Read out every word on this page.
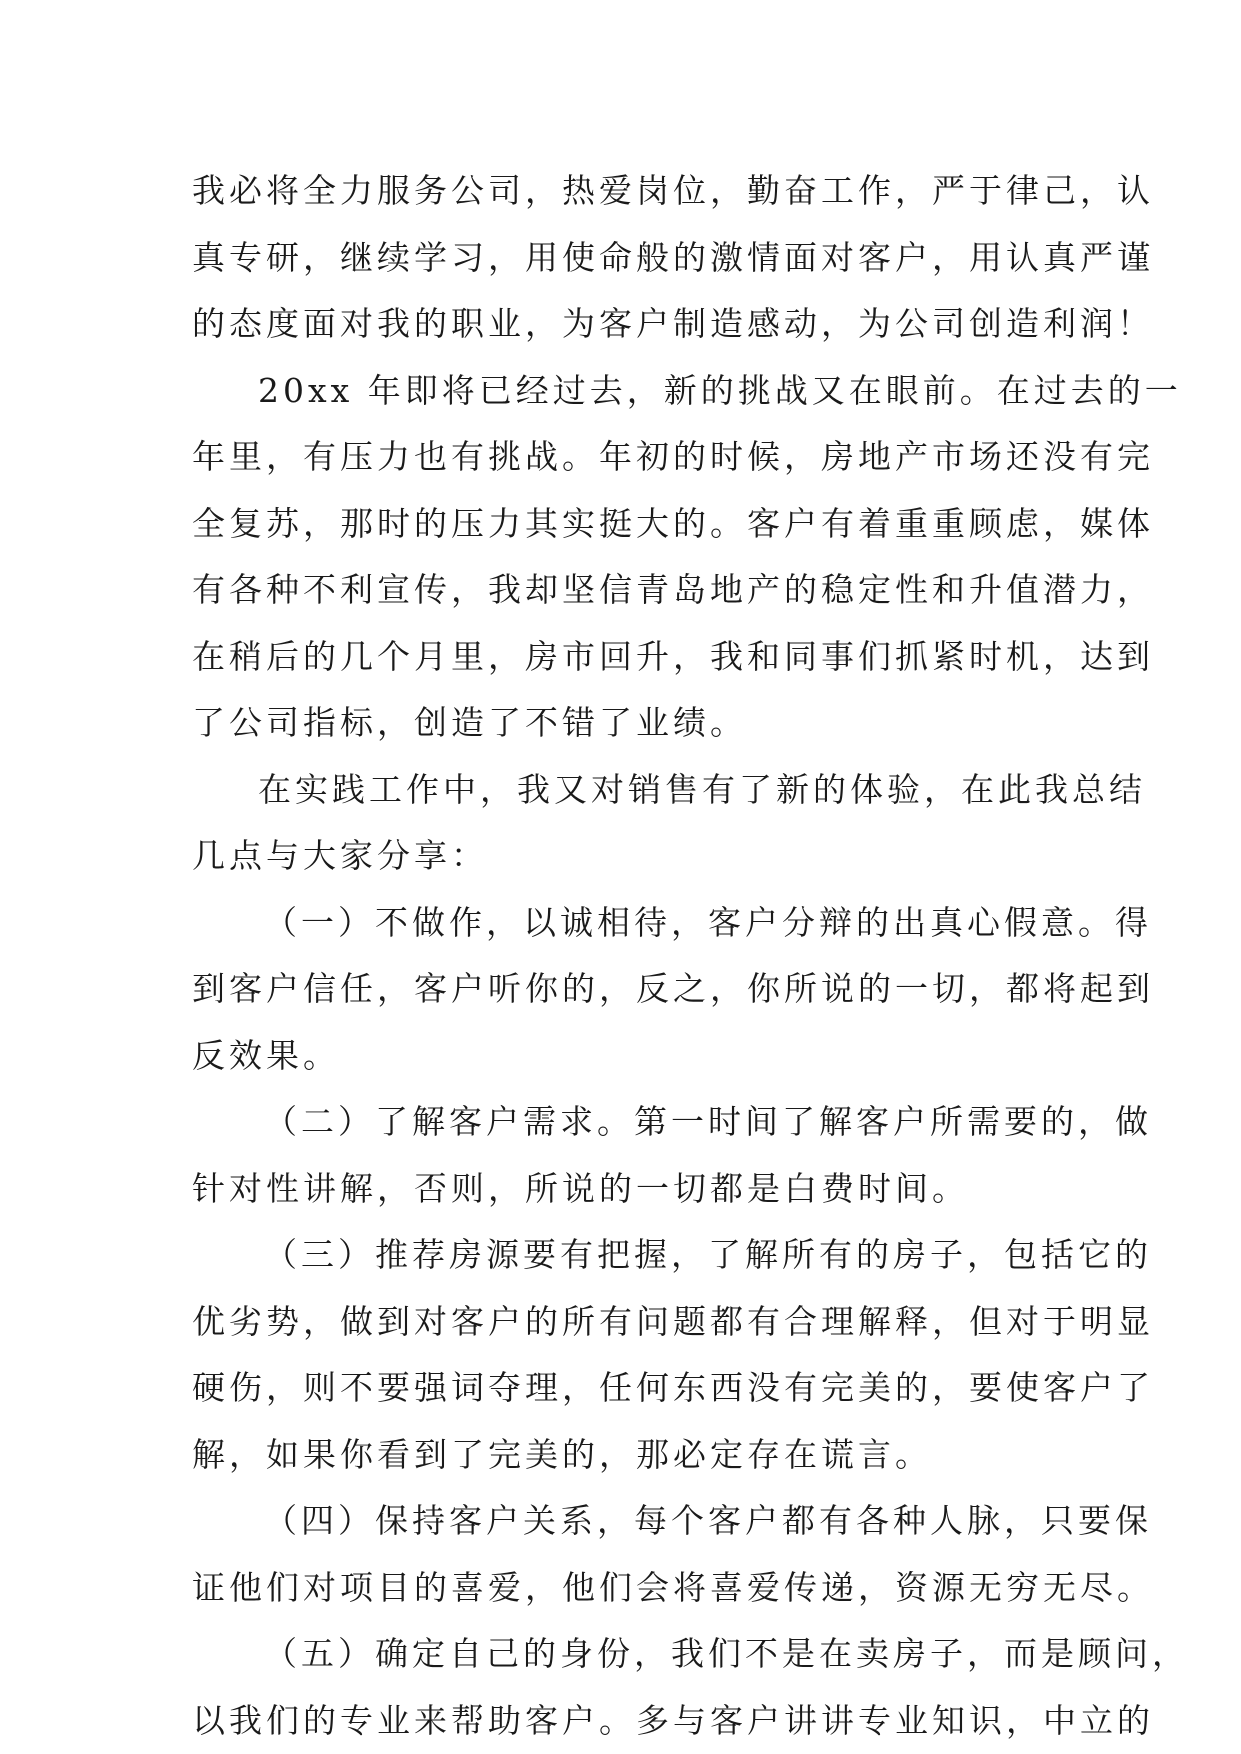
我必将全力服务公司，热爱岗位，勤奋工作，严于律己，认
真专研，继续学习，用使命般的激情面对客户，用认真严谨
的态度面对我的职业，为客户制造感动，为公司创造利润！
20xx 年即将已经过去，新的挑战又在眼前。在过去的一
年里，有压力也有挑战。年初的时候，房地产市场还没有完
全复苏，那时的压力其实挺大的。客户有着重重顾虑，媒体
有各种不利宣传，我却坚信青岛地产的稳定性和升值潜力，
在稍后的几个月里，房市回升，我和同事们抓紧时机，达到
了公司指标，创造了不错了业绩。
在实践工作中，我又对销售有了新的体验，在此我总结
几点与大家分享：
（一）不做作，以诚相待，客户分辩的出真心假意。得
到客户信任，客户听你的，反之，你所说的一切，都将起到
反效果。
（二）了解客户需求。第一时间了解客户所需要的，做
针对性讲解，否则，所说的一切都是白费时间。
（三）推荐房源要有把握，了解所有的房子，包括它的
优劣势，做到对客户的所有问题都有合理解释，但对于明显
硬伤，则不要强词夺理，任何东西没有完美的，要使客户了
解，如果你看到了完美的，那必定存在谎言。
（四）保持客户关系，每个客户都有各种人脉，只要保
证他们对项目的喜爱，他们会将喜爱传递，资源无穷无尽。
（五）确定自己的身份，我们不是在卖房子，而是顾问，
以我们的专业来帮助客户。多与客户讲讲专业知识，中立的
